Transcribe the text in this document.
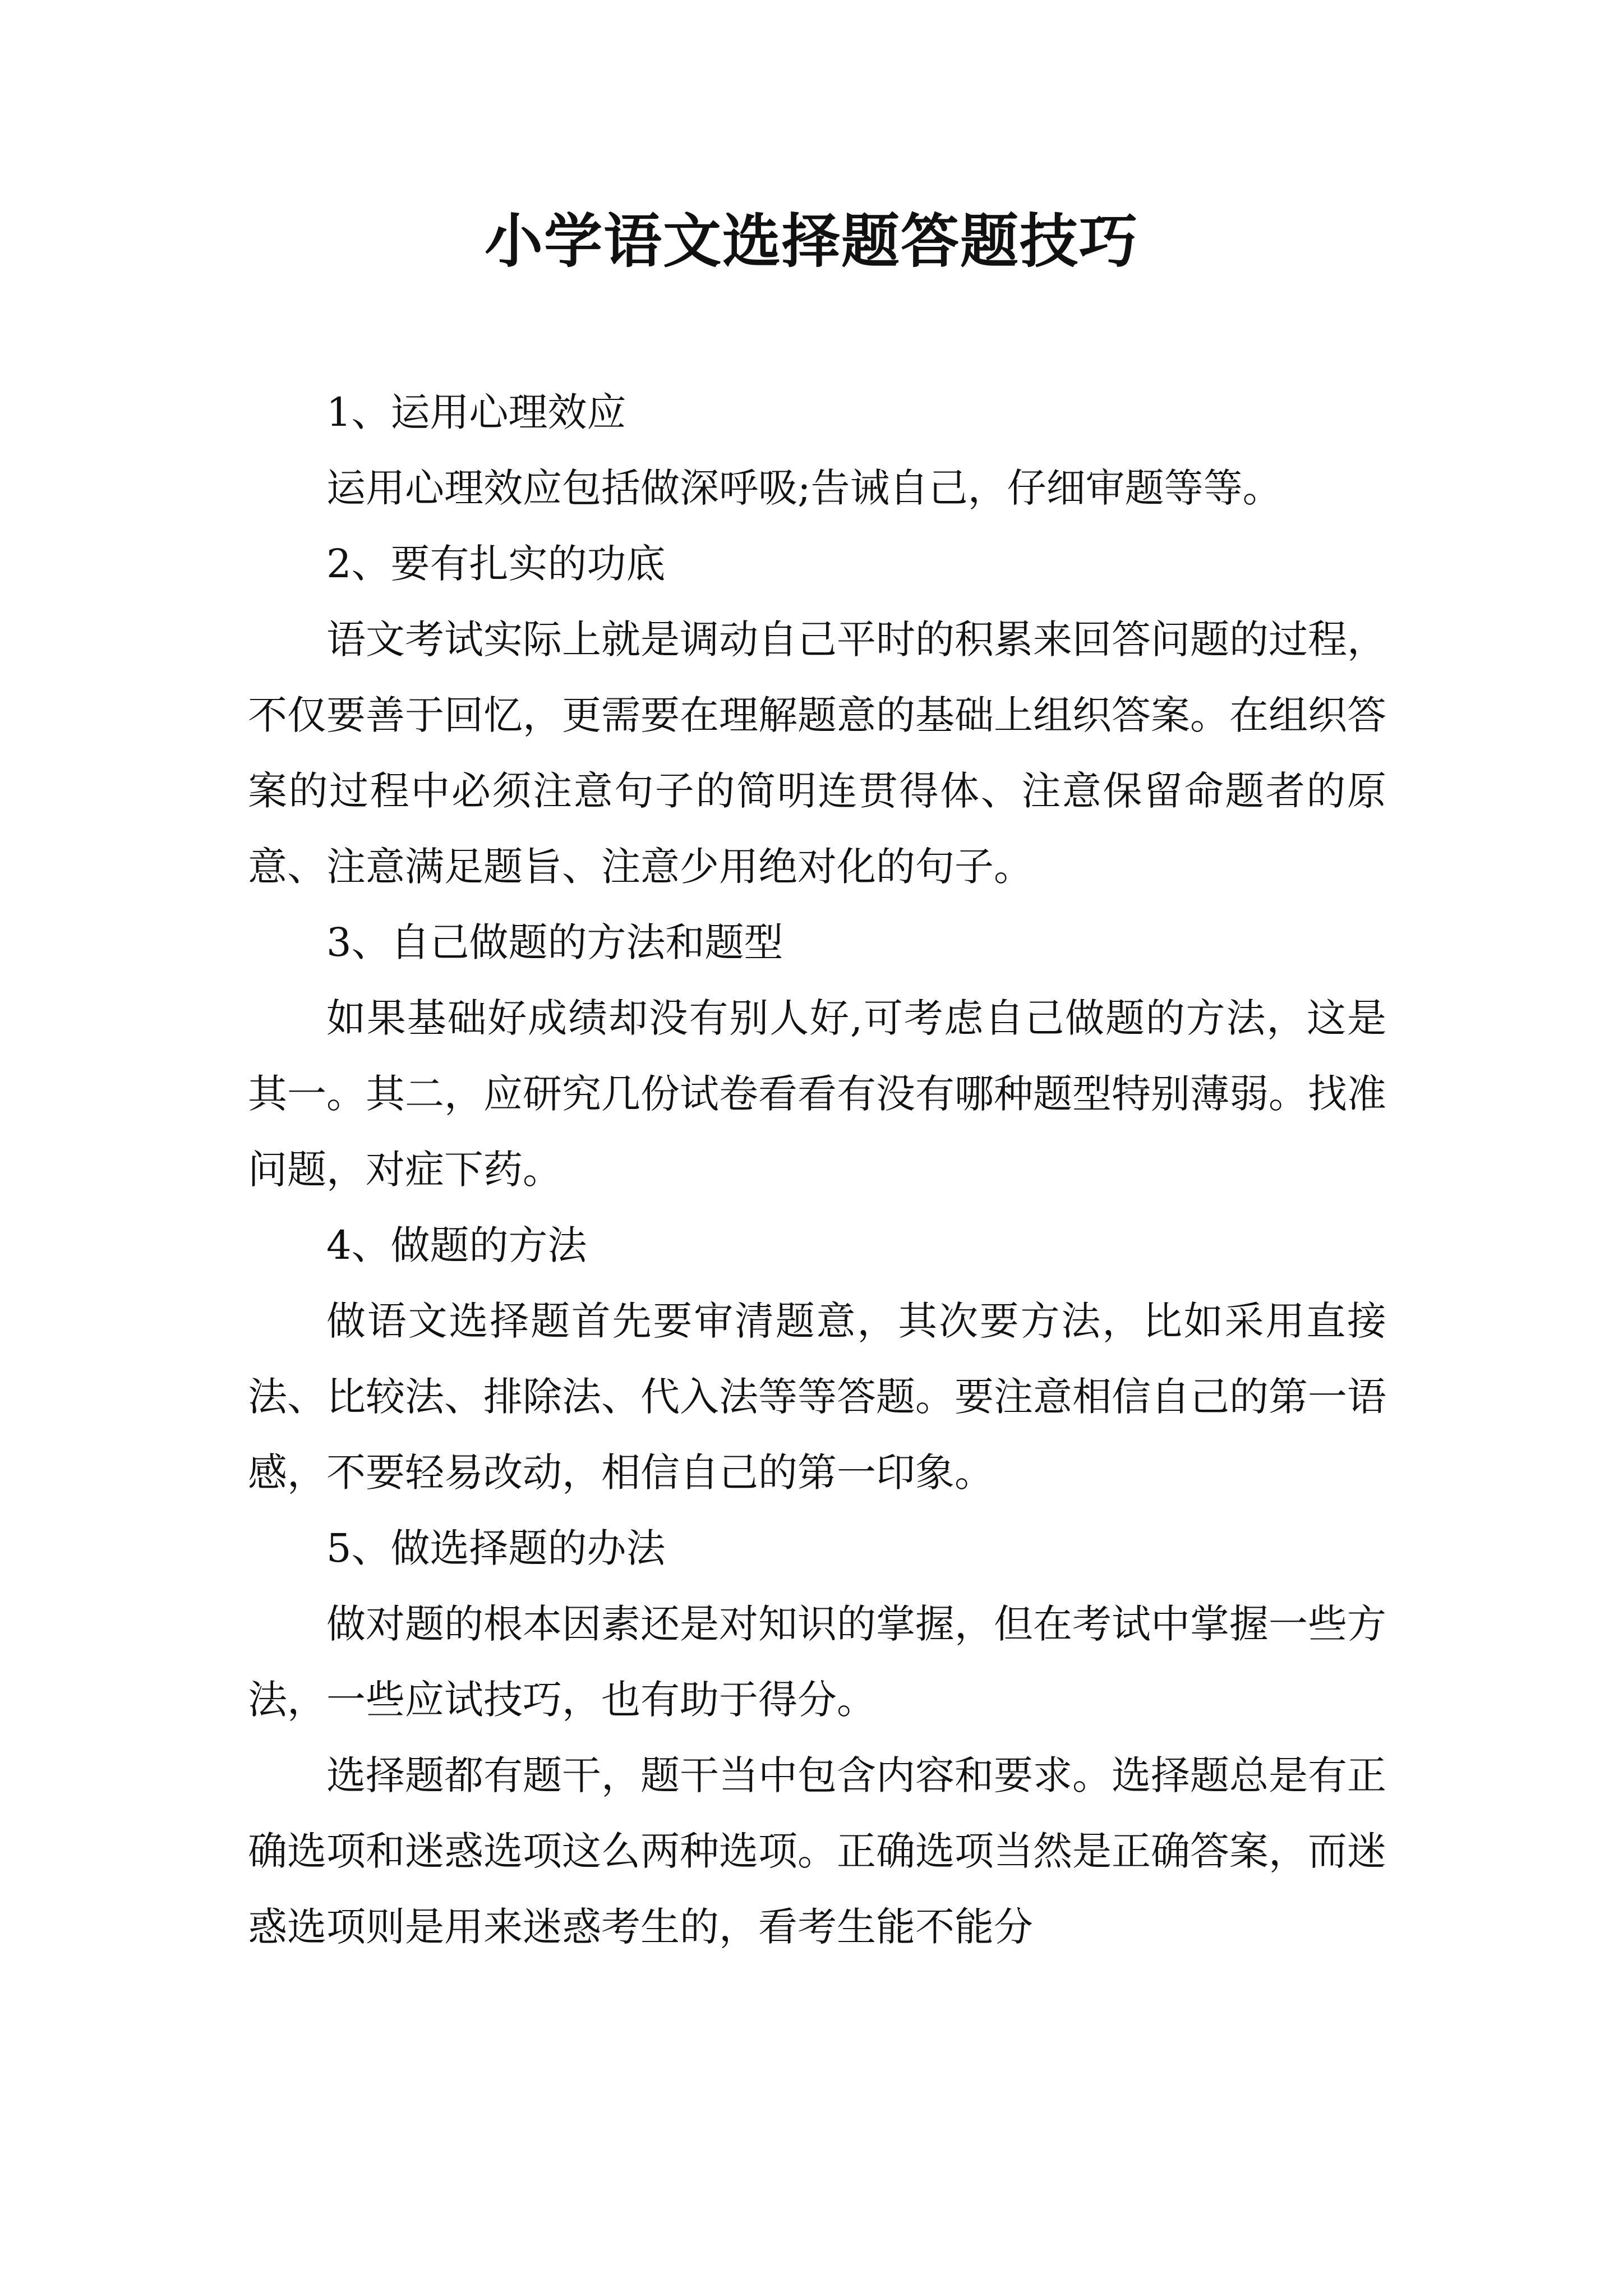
小学语文选择题答题技巧

1、运用心理效应

运用心理效应包括做深呼吸;告诫自己，仔细审题等等。

2、要有扎实的功底

语文考试实际上就是调动自己平时的积累来回答问题的过程，不仅要善于回忆，更需要在理解题意的基础上组织答案。在组织答案的过程中必须注意句子的简明连贯得体、注意保留命题者的原意、注意满足题旨、注意少用绝对化的句子。

3、自己做题的方法和题型

如果基础好成绩却没有别人好,可考虑自己做题的方法，这是其一。其二，应研究几份试卷看看有没有哪种题型特别薄弱。找准问题，对症下药。

4、做题的方法

做语文选择题首先要审清题意，其次要方法，比如采用直接法、比较法、排除法、代入法等等答题。要注意相信自己的第一语感，不要轻易改动，相信自己的第一印象。

5、做选择题的办法

做对题的根本因素还是对知识的掌握，但在考试中掌握一些方法，一些应试技巧，也有助于得分。

选择题都有题干，题干当中包含内容和要求。选择题总是有正确选项和迷惑选项这么两种选项。正确选项当然是正确答案，而迷惑选项则是用来迷惑考生的，看考生能不能分
